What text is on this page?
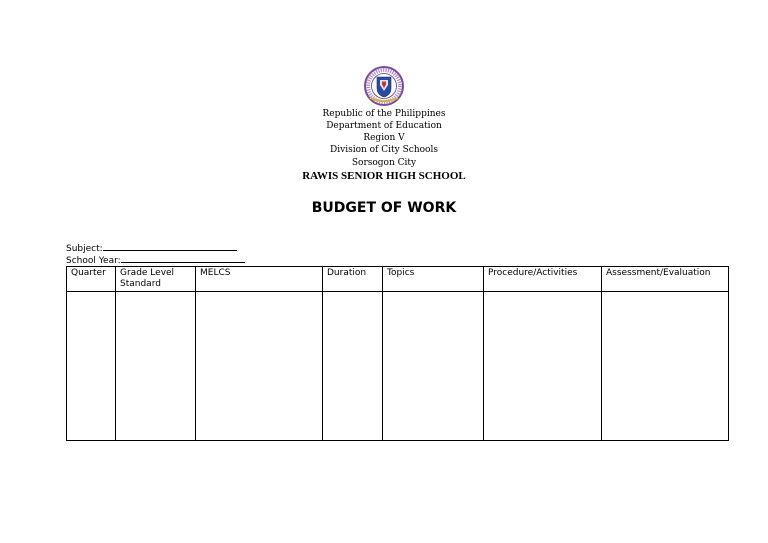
Republic of the Philippines
Department of Education
Region V
Division of City Schools
Sorsogon City
RAWIS SENIOR HIGH SCHOOL
BUDGET OF WORK
Subject:
School Year:
Quarter	Grade Level Standard	MELCS	Duration	Topics	Procedure/Activities	Assessment/Evaluation
